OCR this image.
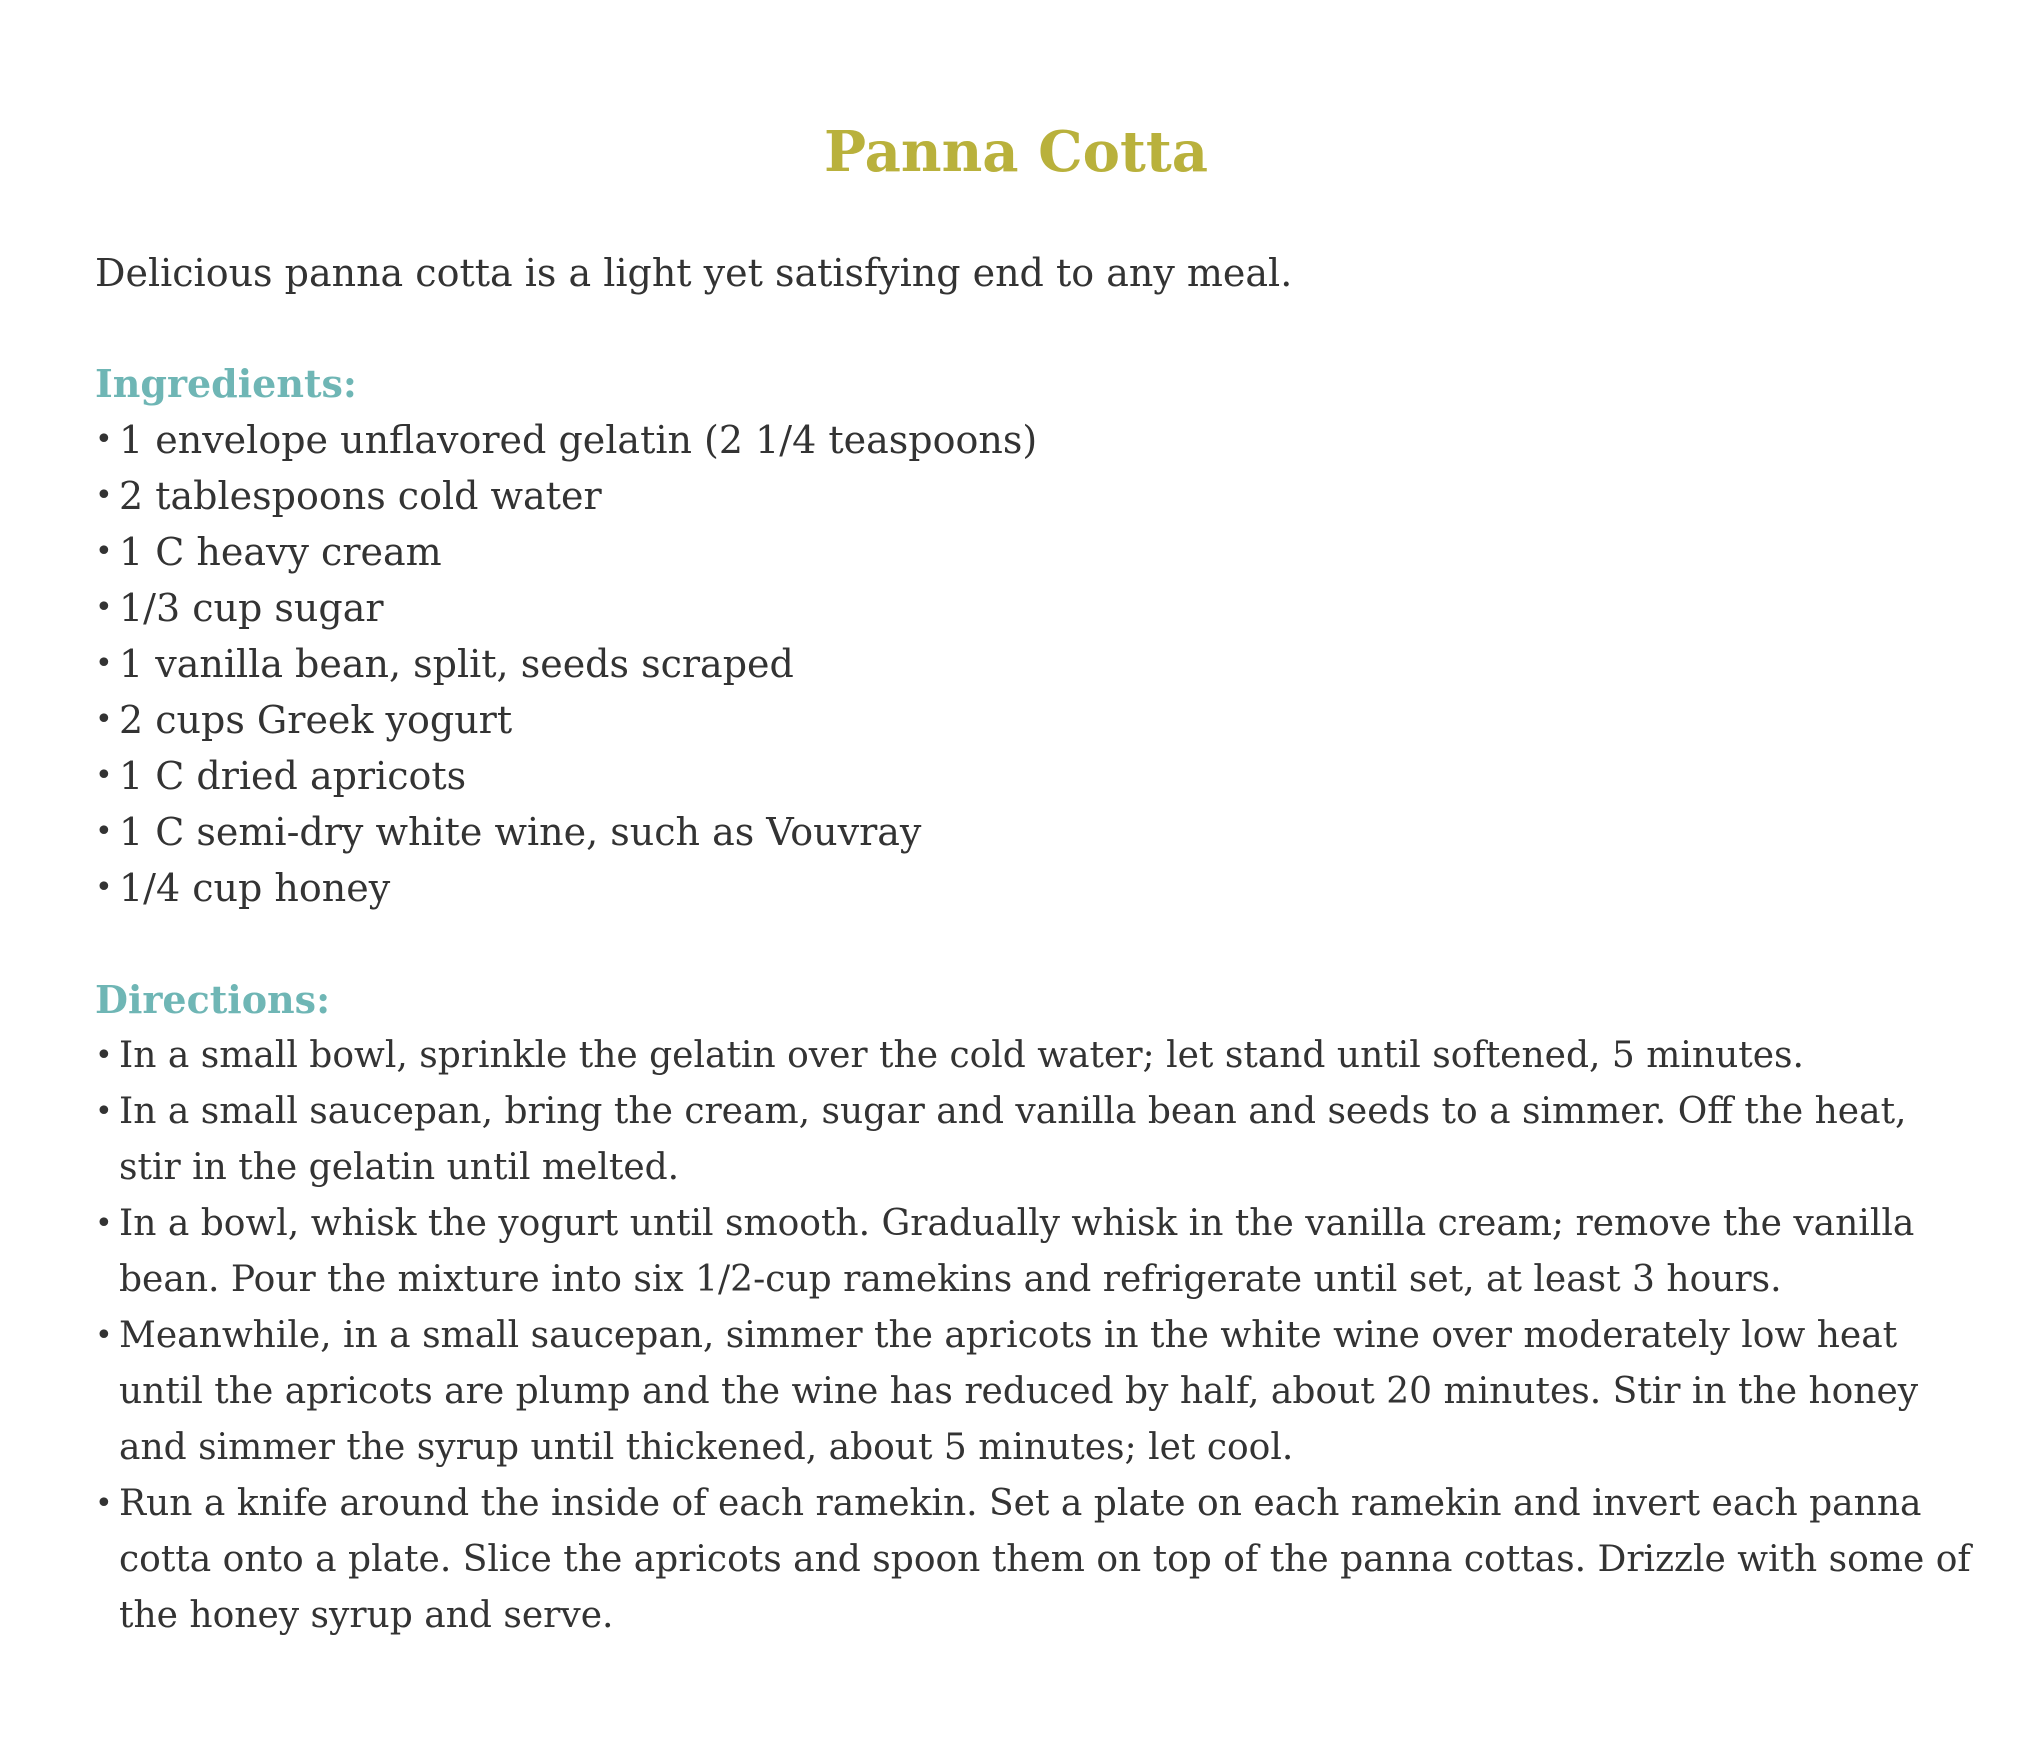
Panna Cotta

Delicious panna cotta is a light yet satisfying end to any meal.

Ingredients:
• 1 envelope unflavored gelatin (2 1/4 teaspoons)
• 2 tablespoons cold water
• 1 C heavy cream
• 1/3 cup sugar
• 1 vanilla bean, split, seeds scraped
• 2 cups Greek yogurt
• 1 C dried apricots
• 1 C semi-dry white wine, such as Vouvray
• 1/4 cup honey
Directions:
• In a small bowl, sprinkle the gelatin over the cold water; let stand until softened, 5 minutes.
• In a small saucepan, bring the cream, sugar and vanilla bean and seeds to a simmer. Off the heat, stir in the gelatin until melted.
• In a bowl, whisk the yogurt until smooth. Gradually whisk in the vanilla cream; remove the vanilla bean. Pour the mixture into six 1/2-cup ramekins and refrigerate until set, at least 3 hours.
• Meanwhile, in a small saucepan, simmer the apricots in the white wine over moderately low heat until the apricots are plump and the wine has reduced by half, about 20 minutes. Stir in the honey and simmer the syrup until thickened, about 5 minutes; let cool.
• Run a knife around the inside of each ramekin. Set a plate on each ramekin and invert each panna cotta onto a plate. Slice the apricots and spoon them on top of the panna cottas. Drizzle with some of the honey syrup and serve.
